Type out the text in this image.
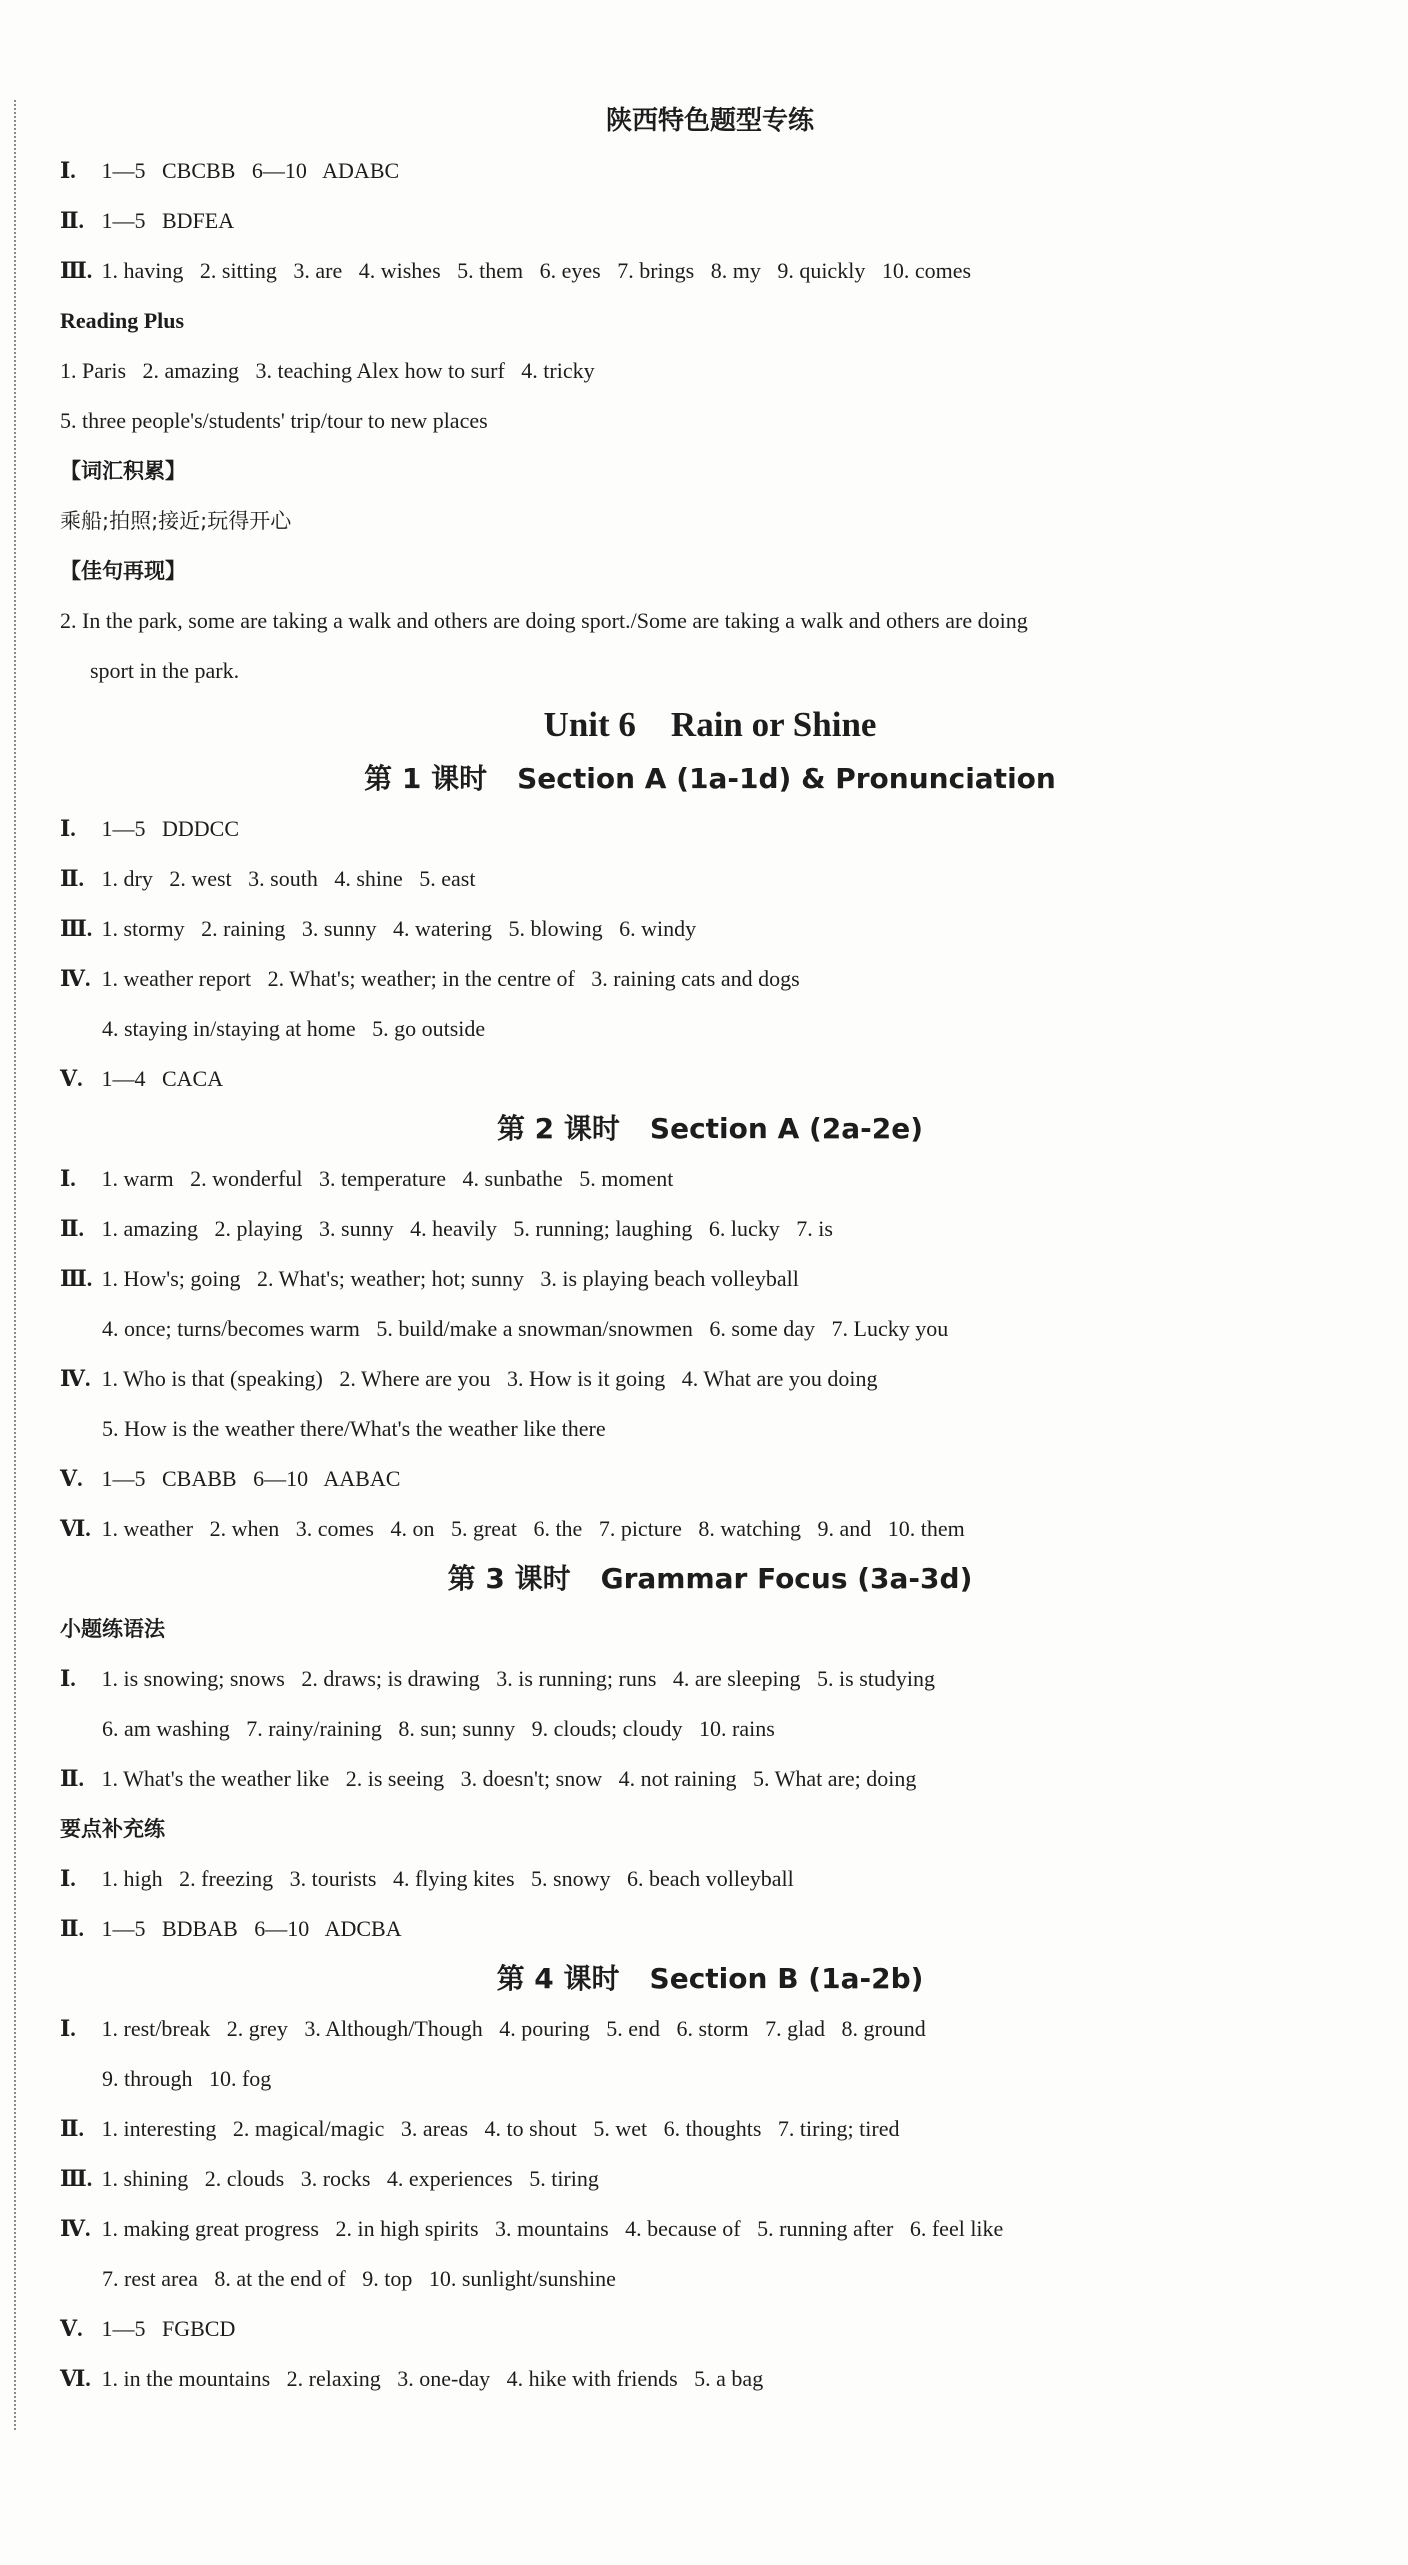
陕西特色题型专练
Ⅰ. 1—5   CBCBB   6—10   ADABC
Ⅱ. 1—5   BDFEA
Ⅲ. 1. having   2. sitting   3. are   4. wishes   5. them   6. eyes   7. brings   8. my   9. quickly   10. comes
Reading Plus
1. Paris   2. amazing   3. teaching Alex how to surf   4. tricky
5. three people's/students' trip/tour to new places
【词汇积累】
乘船;拍照;接近;玩得开心
【佳句再现】
2. In the park, some are taking a walk and others are doing sport./Some are taking a walk and others are doing
sport in the park.
Unit 6    Rain or Shine
第 1 课时 Section A (1a-1d) & Pronunciation
Ⅰ. 1—5   DDDCC
Ⅱ. 1. dry   2. west   3. south   4. shine   5. east
Ⅲ. 1. stormy   2. raining   3. sunny   4. watering   5. blowing   6. windy
Ⅳ. 1. weather report   2. What's; weather; in the centre of   3. raining cats and dogs
4. staying in/staying at home   5. go outside
Ⅴ. 1—4   CACA
第 2 课时 Section A (2a-2e)
Ⅰ. 1. warm   2. wonderful   3. temperature   4. sunbathe   5. moment
Ⅱ. 1. amazing   2. playing   3. sunny   4. heavily   5. running; laughing   6. lucky   7. is
Ⅲ. 1. How's; going   2. What's; weather; hot; sunny   3. is playing beach volleyball
4. once; turns/becomes warm   5. build/make a snowman/snowmen   6. some day   7. Lucky you
Ⅳ. 1. Who is that (speaking)   2. Where are you   3. How is it going   4. What are you doing
5. How is the weather there/What's the weather like there
Ⅴ. 1—5   CBABB   6—10   AABAC
Ⅵ. 1. weather   2. when   3. comes   4. on   5. great   6. the   7. picture   8. watching   9. and   10. them
第 3 课时 Grammar Focus (3a-3d)
小题练语法
Ⅰ. 1. is snowing; snows   2. draws; is drawing   3. is running; runs   4. are sleeping   5. is studying
6. am washing   7. rainy/raining   8. sun; sunny   9. clouds; cloudy   10. rains
Ⅱ. 1. What's the weather like   2. is seeing   3. doesn't; snow   4. not raining   5. What are; doing
要点补充练
Ⅰ. 1. high   2. freezing   3. tourists   4. flying kites   5. snowy   6. beach volleyball
Ⅱ. 1—5   BDBAB   6—10   ADCBA
第 4 课时 Section B (1a-2b)
Ⅰ. 1. rest/break   2. grey   3. Although/Though   4. pouring   5. end   6. storm   7. glad   8. ground
9. through   10. fog
Ⅱ. 1. interesting   2. magical/magic   3. areas   4. to shout   5. wet   6. thoughts   7. tiring; tired
Ⅲ. 1. shining   2. clouds   3. rocks   4. experiences   5. tiring
Ⅳ. 1. making great progress   2. in high spirits   3. mountains   4. because of   5. running after   6. feel like
7. rest area   8. at the end of   9. top   10. sunlight/sunshine
Ⅴ. 1—5   FGBCD
Ⅵ. 1. in the mountains   2. relaxing   3. one-day   4. hike with friends   5. a bag
